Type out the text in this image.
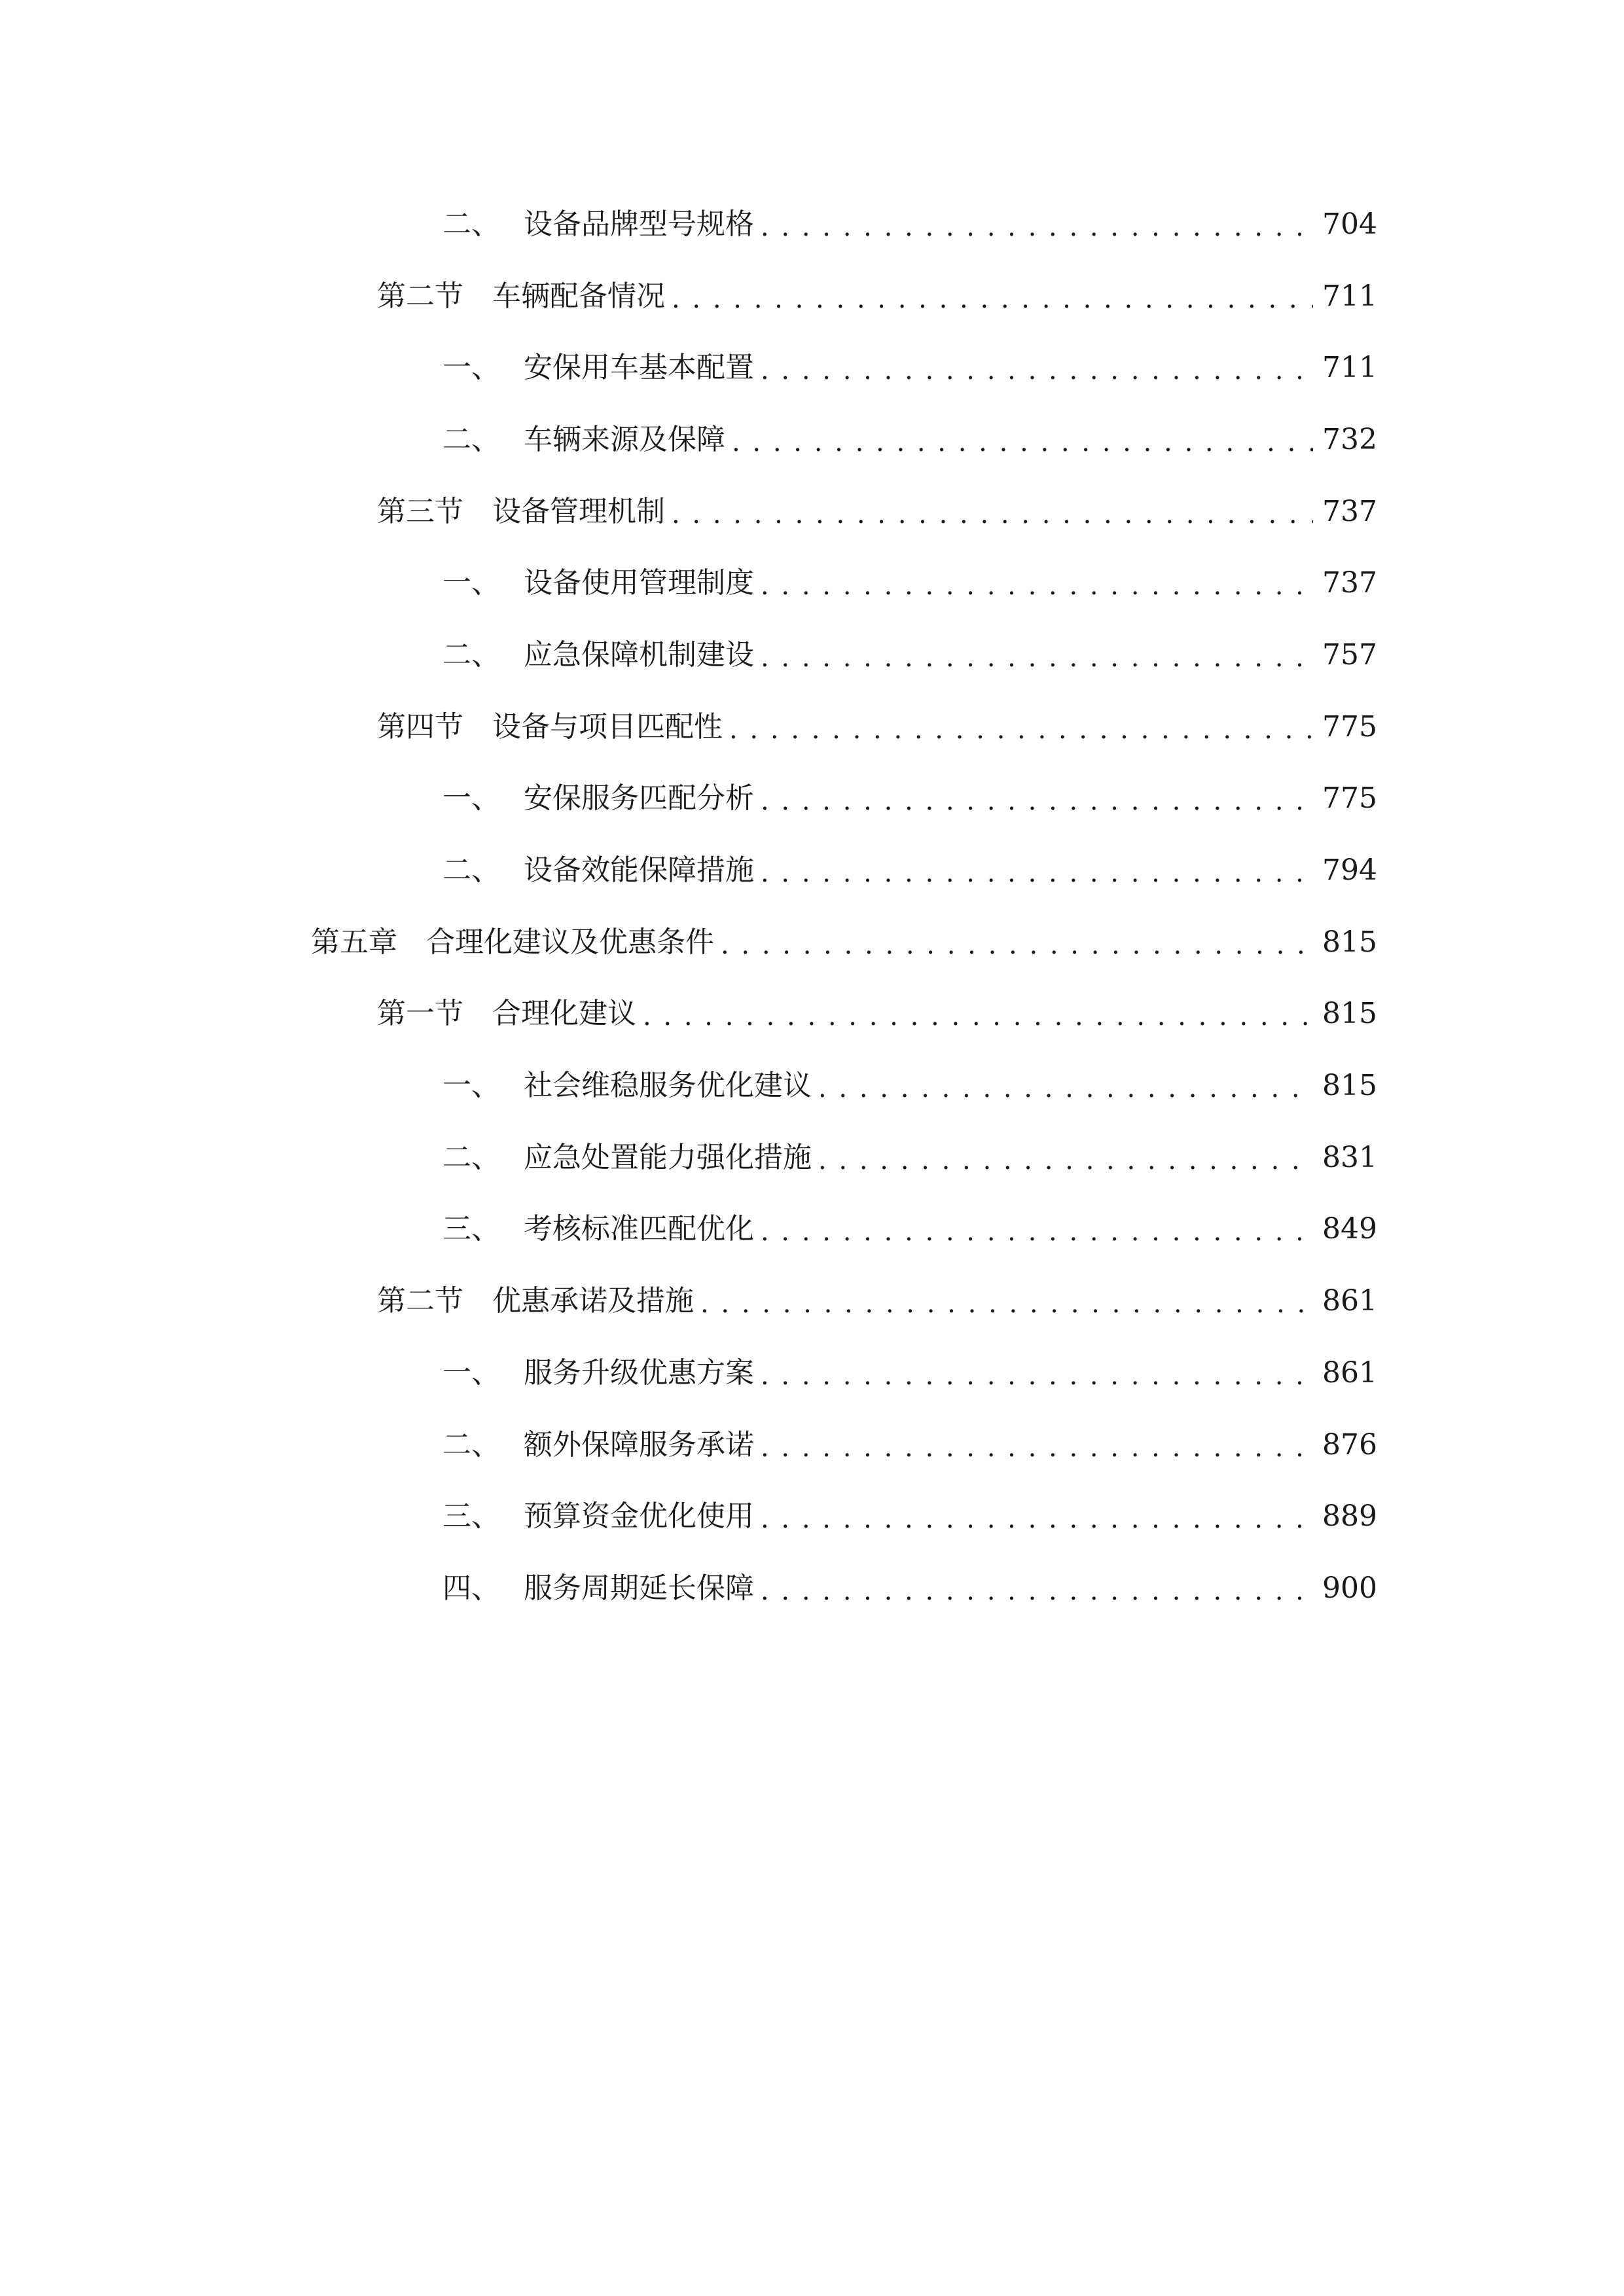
二、 设备品牌型号规格 . . .	704
第二节	车辆配备情况 . . .	711
一、 安保用车基本配置 . . .	711
二、 车辆来源及保障 . . .	732
第三节	设备管理机制 . . .	737
一、 设备使用管理制度 . . .	737
二、 应急保障机制建设 . . .	757
第四节	设备与项目匹配性 . . .	775
一、 安保服务匹配分析 . . .	775
二、 设备效能保障措施 . . .	794
第五章	合理化建议及优惠条件 . . .	815
第一节	合理化建议 . . .	815
一、 社会维稳服务优化建议 . . .	815
二、 应急处置能力强化措施 . . .	831
三、 考核标准匹配优化 . . .	849
第二节	优惠承诺及措施 . . .	861
一、 服务升级优惠方案 . . .	861
二、 额外保障服务承诺 . . .	876
三、 预算资金优化使用 . . .	889
四、 服务周期延长保障 . . .	900
